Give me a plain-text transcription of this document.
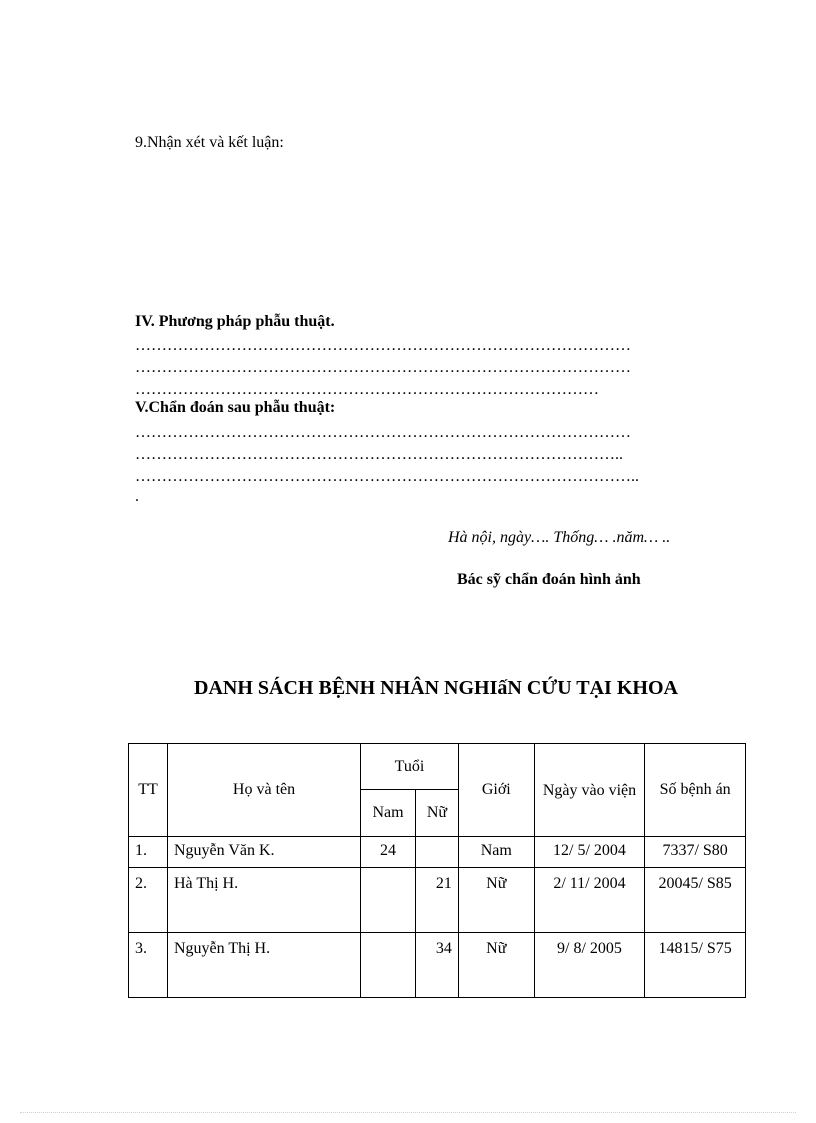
9.Nhận xét và kết luận:
IV. Phương pháp phẫu thuật.
…………………………………………………………………………………
…………………………………………………………………………………
……………………………………………………………………………
V.Chẩn đoán sau phẫu thuật:
…………………………………………………………………………………
………………………………………………………………………………..
…………………………………………………………………………………..
.
Hà nội, ngày…. Thống… .năm… ..
Bác sỹ chẩn đoán hình ảnh
DANH SÁCH BỆNH NHÂN NGHIấN CỨU TẠI KHOA
TT	Họ và tên	Tuổi		Giới	Ngày vào viện	Số bệnh án
		Nam	Nữ			
1.	Nguyễn Văn K.	24		Nam	12/ 5/ 2004	7337/ S80
2.	Hà Thị H.		21	Nữ	2/ 11/ 2004	20045/ S85
3.	Nguyễn Thị H.		34	Nữ	9/ 8/ 2005	14815/ S75
